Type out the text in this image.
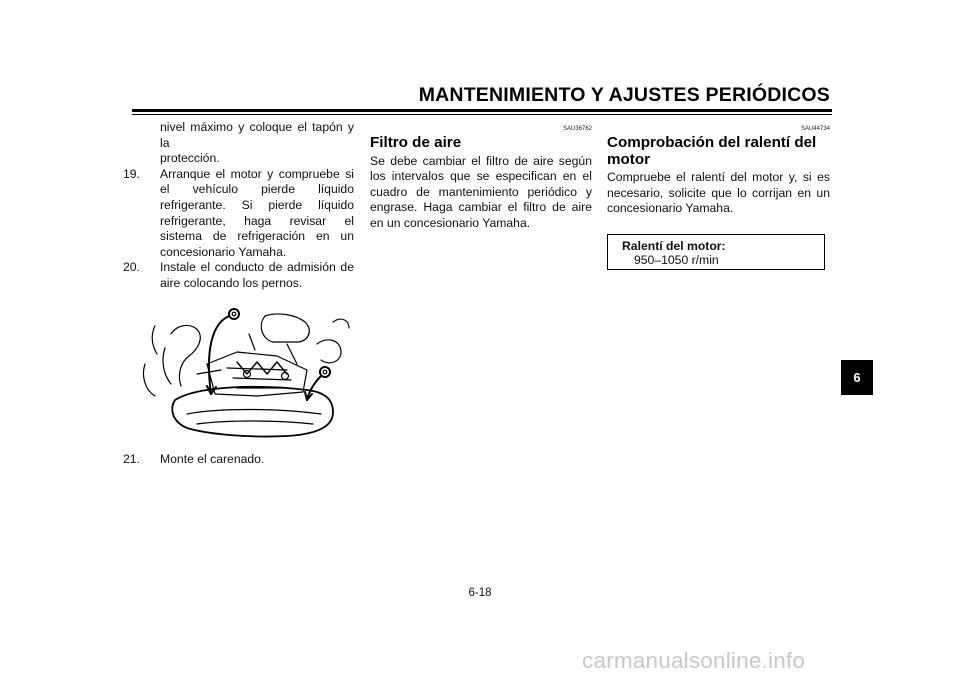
MANTENIMIENTO Y AJUSTES PERIÓDICOS
nivel máximo y coloque el tapón y la
protección.
19.	Arranque el motor y compruebe si el vehículo pierde líquido refrigerante. Si pierde líquido refrigerante, haga revisar el sistema de refrigeración en un concesionario Yamaha.
20.	Instale el conducto de admisión de aire colocando los pernos.
21.	Monte el carenado.
SAU36762
Filtro de aire
Se debe cambiar el filtro de aire según los intervalos que se especifican en el cuadro de mantenimiento periódico y engrase. Haga cambiar el filtro de aire en un concesionario Yamaha.
SAU44734
Comprobación del ralentí del
motor
Compruebe el ralentí del motor y, si es necesario, solicite que lo corrijan en un concesionario Yamaha.
Ralentí del motor:
950–1050 r/min
6
6-18
carmanualsonline.info
